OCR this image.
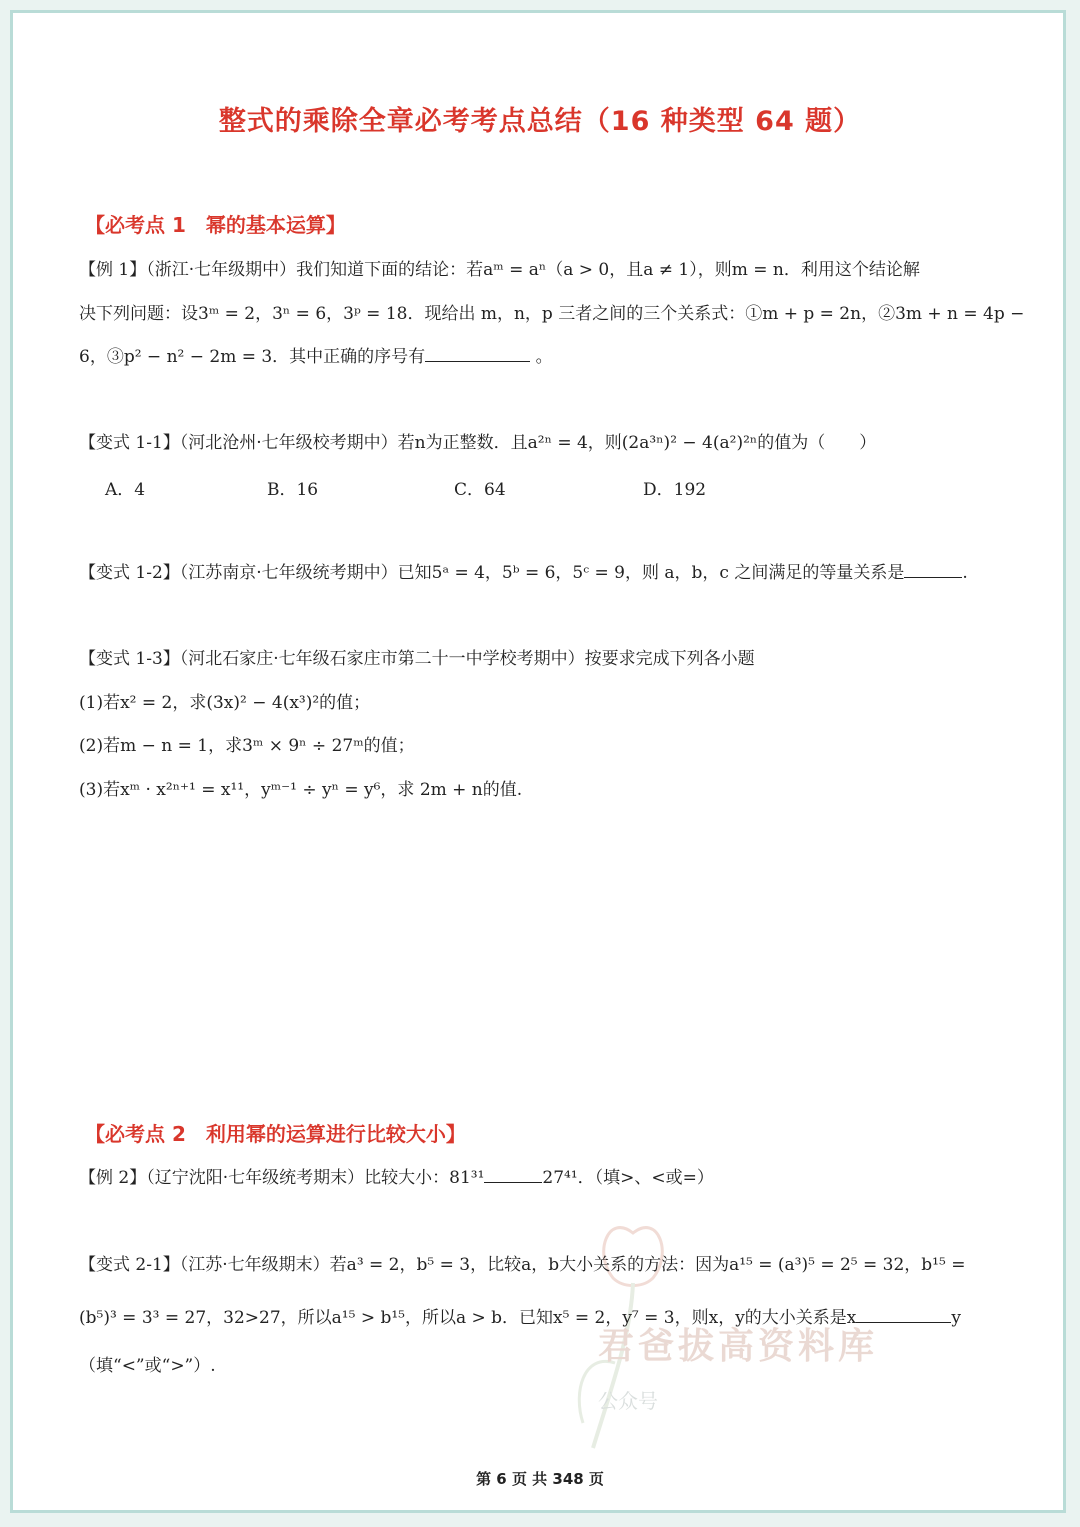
整式的乘除全章必考考点总结（16 种类型 64 题）
【必考点 1　幂的基本运算】
【例 1】（浙江·七年级期中）我们知道下面的结论：若aᵐ = aⁿ（a > 0，且a ≠ 1），则m = n．利用这个结论解
决下列问题：设3ᵐ = 2，3ⁿ = 6，3ᵖ = 18．现给出 m，n，p 三者之间的三个关系式：①m + p = 2n，②3m + n = 4p −
6，③p² − n² − 2m = 3．其中正确的序号有	。
【变式 1-1】（河北沧州·七年级校考期中）若n为正整数．且a²ⁿ = 4，则(2a³ⁿ)² − 4(a²)²ⁿ的值为（　　）
A．4	B．16	C．64	D．192
【变式 1-2】（江苏南京·七年级统考期中）已知5ᵃ = 4，5ᵇ = 6，5ᶜ = 9，则 a，b，c 之间满足的等量关系是	.
【变式 1-3】（河北石家庄·七年级石家庄市第二十一中学校考期中）按要求完成下列各小题
(1)若x² = 2，求(3x)² − 4(x³)²的值；
(2)若m − n = 1，求3ᵐ × 9ⁿ ÷ 27ᵐ的值；
(3)若xᵐ · x²ⁿ⁺¹ = x¹¹，yᵐ⁻¹ ÷ yⁿ = y⁶，求 2m + n的值.
【必考点 2　利用幂的运算进行比较大小】
【例 2】（辽宁沈阳·七年级统考期末）比较大小：81³¹	27⁴¹．（填>、<或=）
【变式 2-1】（江苏·七年级期末）若a³ = 2，b⁵ = 3，比较a，b大小关系的方法：因为a¹⁵ = (a³)⁵ = 2⁵ = 32，b¹⁵ =
(b⁵)³ = 3³ = 27，32>27，所以a¹⁵ > b¹⁵，所以a > b．已知x⁵ = 2，y⁷ = 3，则x，y的大小关系是x	y
（填“<”或“>”）.	君爸拔高资料库
公众号
第 6 页 共 348 页
